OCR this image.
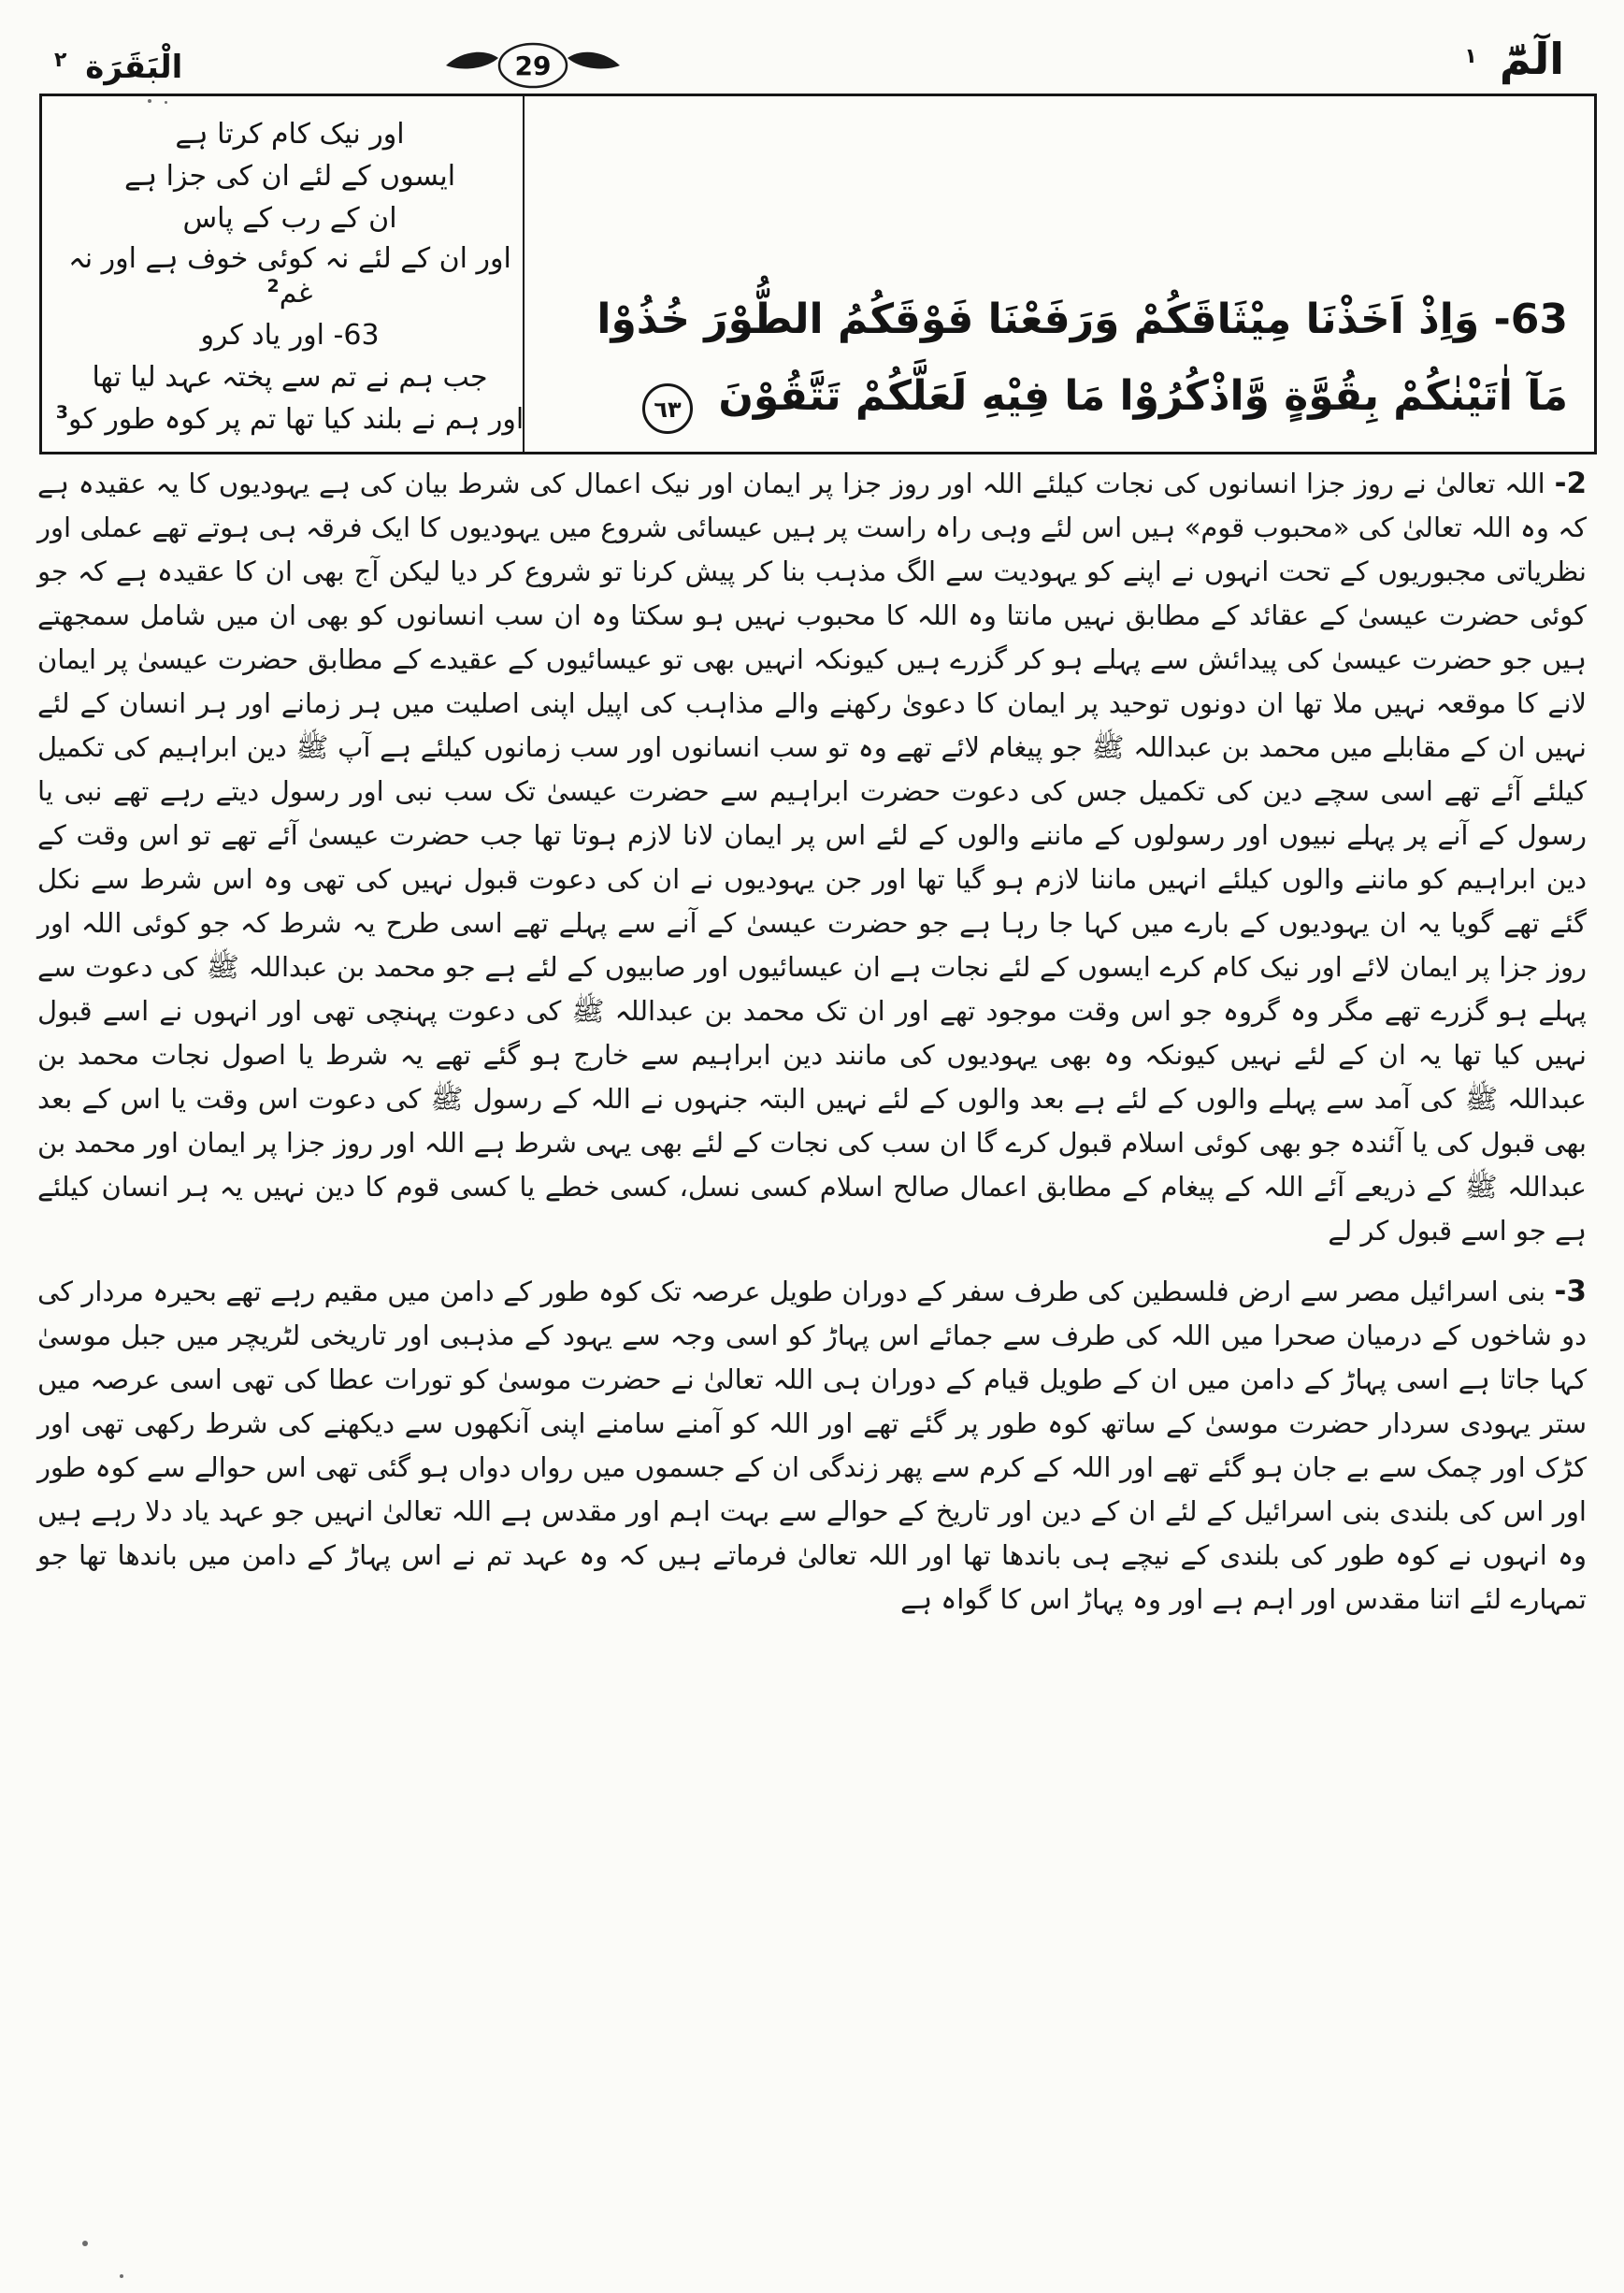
الْبَقَرَة $^٢$	29	الٓمّٓ $^١$

63- وَاِذْ اَخَذْنَا مِيْثَاقَكُمْ وَرَفَعْنَا فَوْقَكُمُ الطُّوْرَ خُذُوْا

مَآ اٰتَيْنٰكُمْ بِقُوَّةٍ وَّاذْكُرُوْا مَا فِيْهِ لَعَلَّكُمْ تَتَّقُوْنَ ٦٣

اور نیک کام کرتا ہے

ایسوں کے لئے ان کی جزا ہے

ان کے رب کے پاس

اور ان کے لئے نہ کوئی خوف ہے اور نہ غم$^2$

63- اور یاد کرو

جب ہم نے تم سے پختہ عہد لیا تھا

اور ہم نے بلند کیا تھا تم پر کوہ طور کو$^3$

2- اللہ تعالیٰ نے روز جزا انسانوں کی نجات کیلئے اللہ اور روز جزا پر ایمان اور نیک اعمال کی شرط بیان کی ہے یہودیوں کا یہ عقیدہ ہے کہ وہ اللہ تعالیٰ کی «محبوب قوم» ہیں اس لئے وہی راہ راست پر ہیں عیسائی شروع میں یہودیوں کا ایک فرقہ ہی ہوتے تھے عملی اور نظریاتی مجبوریوں کے تحت انہوں نے اپنے کو یہودیت سے الگ مذہب بنا کر پیش کرنا تو شروع کر دیا لیکن آج بھی ان کا عقیدہ ہے کہ جو کوئی حضرت عیسیٰ کے عقائد کے مطابق نہیں مانتا وہ اللہ کا محبوب نہیں ہو سکتا وہ ان سب انسانوں کو بھی ان میں شامل سمجھتے ہیں جو حضرت عیسیٰ کی پیدائش سے پہلے ہو کر گزرے ہیں کیونکہ انہیں بھی تو عیسائیوں کے عقیدے کے مطابق حضرت عیسیٰ پر ایمان لانے کا موقعہ نہیں ملا تھا ان دونوں توحید پر ایمان کا دعویٰ رکھنے والے مذاہب کی اپیل اپنی اصلیت میں ہر زمانے اور ہر انسان کے لئے نہیں ان کے مقابلے میں محمد بن عبداللہ ﷺ جو پیغام لائے تھے وہ تو سب انسانوں اور سب زمانوں کیلئے ہے آپ ﷺ دین ابراہیم کی تکمیل کیلئے آئے تھے اسی سچے دین کی تکمیل جس کی دعوت حضرت ابراہیم سے حضرت عیسیٰ تک سب نبی اور رسول دیتے رہے تھے نبی یا رسول کے آنے پر پہلے نبیوں اور رسولوں کے ماننے والوں کے لئے اس پر ایمان لانا لازم ہوتا تھا جب حضرت عیسیٰ آئے تھے تو اس وقت کے دین ابراہیم کو ماننے والوں کیلئے انہیں ماننا لازم ہو گیا تھا اور جن یہودیوں نے ان کی دعوت قبول نہیں کی تھی وہ اس شرط سے نکل گئے تھے گویا یہ ان یہودیوں کے بارے میں کہا جا رہا ہے جو حضرت عیسیٰ کے آنے سے پہلے تھے اسی طرح یہ شرط کہ جو کوئی اللہ اور روز جزا پر ایمان لائے اور نیک کام کرے ایسوں کے لئے نجات ہے ان عیسائیوں اور صابیوں کے لئے ہے جو محمد بن عبداللہ ﷺ کی دعوت سے پہلے ہو گزرے تھے مگر وہ گروہ جو اس وقت موجود تھے اور ان تک محمد بن عبداللہ ﷺ کی دعوت پہنچی تھی اور انہوں نے اسے قبول نہیں کیا تھا یہ ان کے لئے نہیں کیونکہ وہ بھی یہودیوں کی مانند دین ابراہیم سے خارج ہو گئے تھے یہ شرط یا اصول نجات محمد بن عبداللہ ﷺ کی آمد سے پہلے والوں کے لئے ہے بعد والوں کے لئے نہیں البتہ جنہوں نے اللہ کے رسول ﷺ کی دعوت اس وقت یا اس کے بعد بھی قبول کی یا آئندہ جو بھی کوئی اسلام قبول کرے گا ان سب کی نجات کے لئے بھی یہی شرط ہے اللہ اور روز جزا پر ایمان اور محمد بن عبداللہ ﷺ کے ذریعے آئے اللہ کے پیغام کے مطابق اعمال صالح اسلام کسی نسل، کسی خطے یا کسی قوم کا دین نہیں یہ ہر انسان کیلئے ہے جو اسے قبول کر لے

3- بنی اسرائیل مصر سے ارض فلسطین کی طرف سفر کے دوران طویل عرصہ تک کوہ طور کے دامن میں مقیم رہے تھے بحیرہ مردار کی دو شاخوں کے درمیان صحرا میں اللہ کی طرف سے جمائے اس پہاڑ کو اسی وجہ سے یہود کے مذہبی اور تاریخی لٹریچر میں جبل موسیٰ کہا جاتا ہے اسی پہاڑ کے دامن میں ان کے طویل قیام کے دوران ہی اللہ تعالیٰ نے حضرت موسیٰ کو تورات عطا کی تھی اسی عرصہ میں ستر یہودی سردار حضرت موسیٰ کے ساتھ کوہ طور پر گئے تھے اور اللہ کو آمنے سامنے اپنی آنکھوں سے دیکھنے کی شرط رکھی تھی اور کڑک اور چمک سے بے جان ہو گئے تھے اور اللہ کے کرم سے پھر زندگی ان کے جسموں میں رواں دواں ہو گئی تھی اس حوالے سے کوہ طور اور اس کی بلندی بنی اسرائیل کے لئے ان کے دین اور تاریخ کے حوالے سے بہت اہم اور مقدس ہے اللہ تعالیٰ انہیں جو عہد یاد دلا رہے ہیں وہ انہوں نے کوہ طور کی بلندی کے نیچے ہی باندھا تھا اور اللہ تعالیٰ فرماتے ہیں کہ وہ عہد تم نے اس پہاڑ کے دامن میں باندھا تھا جو تمہارے لئے اتنا مقدس اور اہم ہے اور وہ پہاڑ اس کا گواہ ہے
